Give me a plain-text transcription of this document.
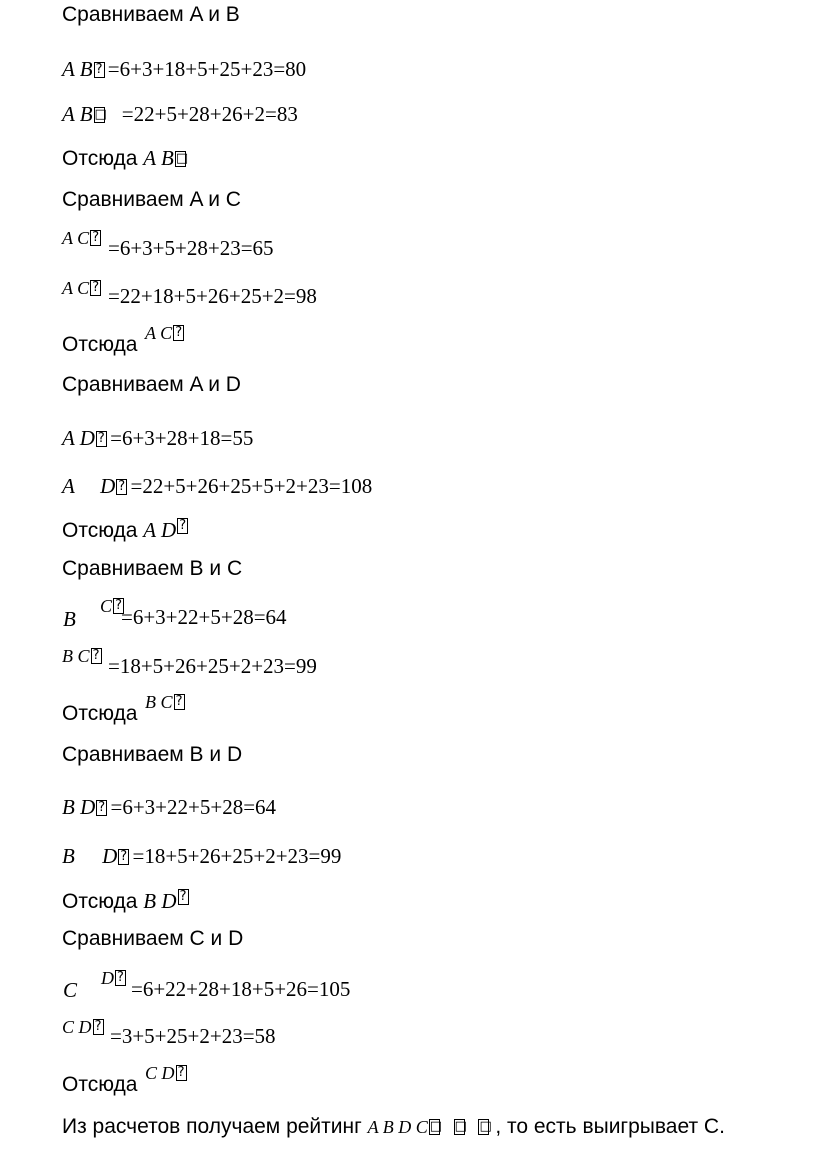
Сравниваем A и B
A B ? =6+3+18+5+25+23=80
A B □ =22+5+28+26+2=83
Отсюда A B □
Сравниваем A и C
A C ? =6+3+5+28+23=65
A C ? =22+18+5+26+25+2=98
Отсюда A C ?
Сравниваем A и D
A D ? =6+3+28+18=55
A D ? =22+5+26+25+5+2+23=108
Отсюда A D ?
Сравниваем B и C
B
C ? =6+3+22+5+28=64
B C ? =18+5+26+25+2+23=99
Отсюда B C ?
Сравниваем B и D
B D ? =6+3+22+5+28=64
B D ? =18+5+26+25+2+23=99
Отсюда B D ?
Сравниваем C и D
C D ? =6+22+28+18+5+26=105
C D ? =3+5+25+2+23=58
Отсюда C D ?
Из расчетов получаем рейтинг A B D C □ □ □ , то есть выигрывает C.
